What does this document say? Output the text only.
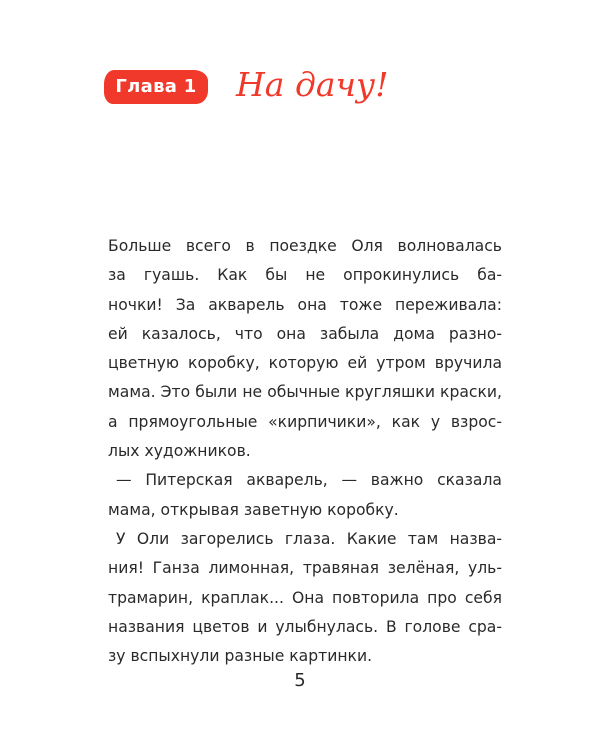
Глава 1	На дачу!
Больше всего в поездке Оля волновалась
за гуашь. Как бы не опрокинулись ба-
ночки! За акварель она тоже переживала:
ей казалось, что она забыла дома разно-
цветную коробку, которую ей утром вручила
мама. Это были не обычные кругляшки краски,
а прямоугольные «кирпичики», как у взрос-
лых художников.
— Питерская акварель, — важно сказала
мама, открывая заветную коробку.
У Оли загорелись глаза. Какие там назва-
ния! Ганза лимонная, травяная зелёная, уль-
трамарин, краплак... Она повторила про себя
названия цветов и улыбнулась. В голове сра-
зу вспыхнули разные картинки.
5
